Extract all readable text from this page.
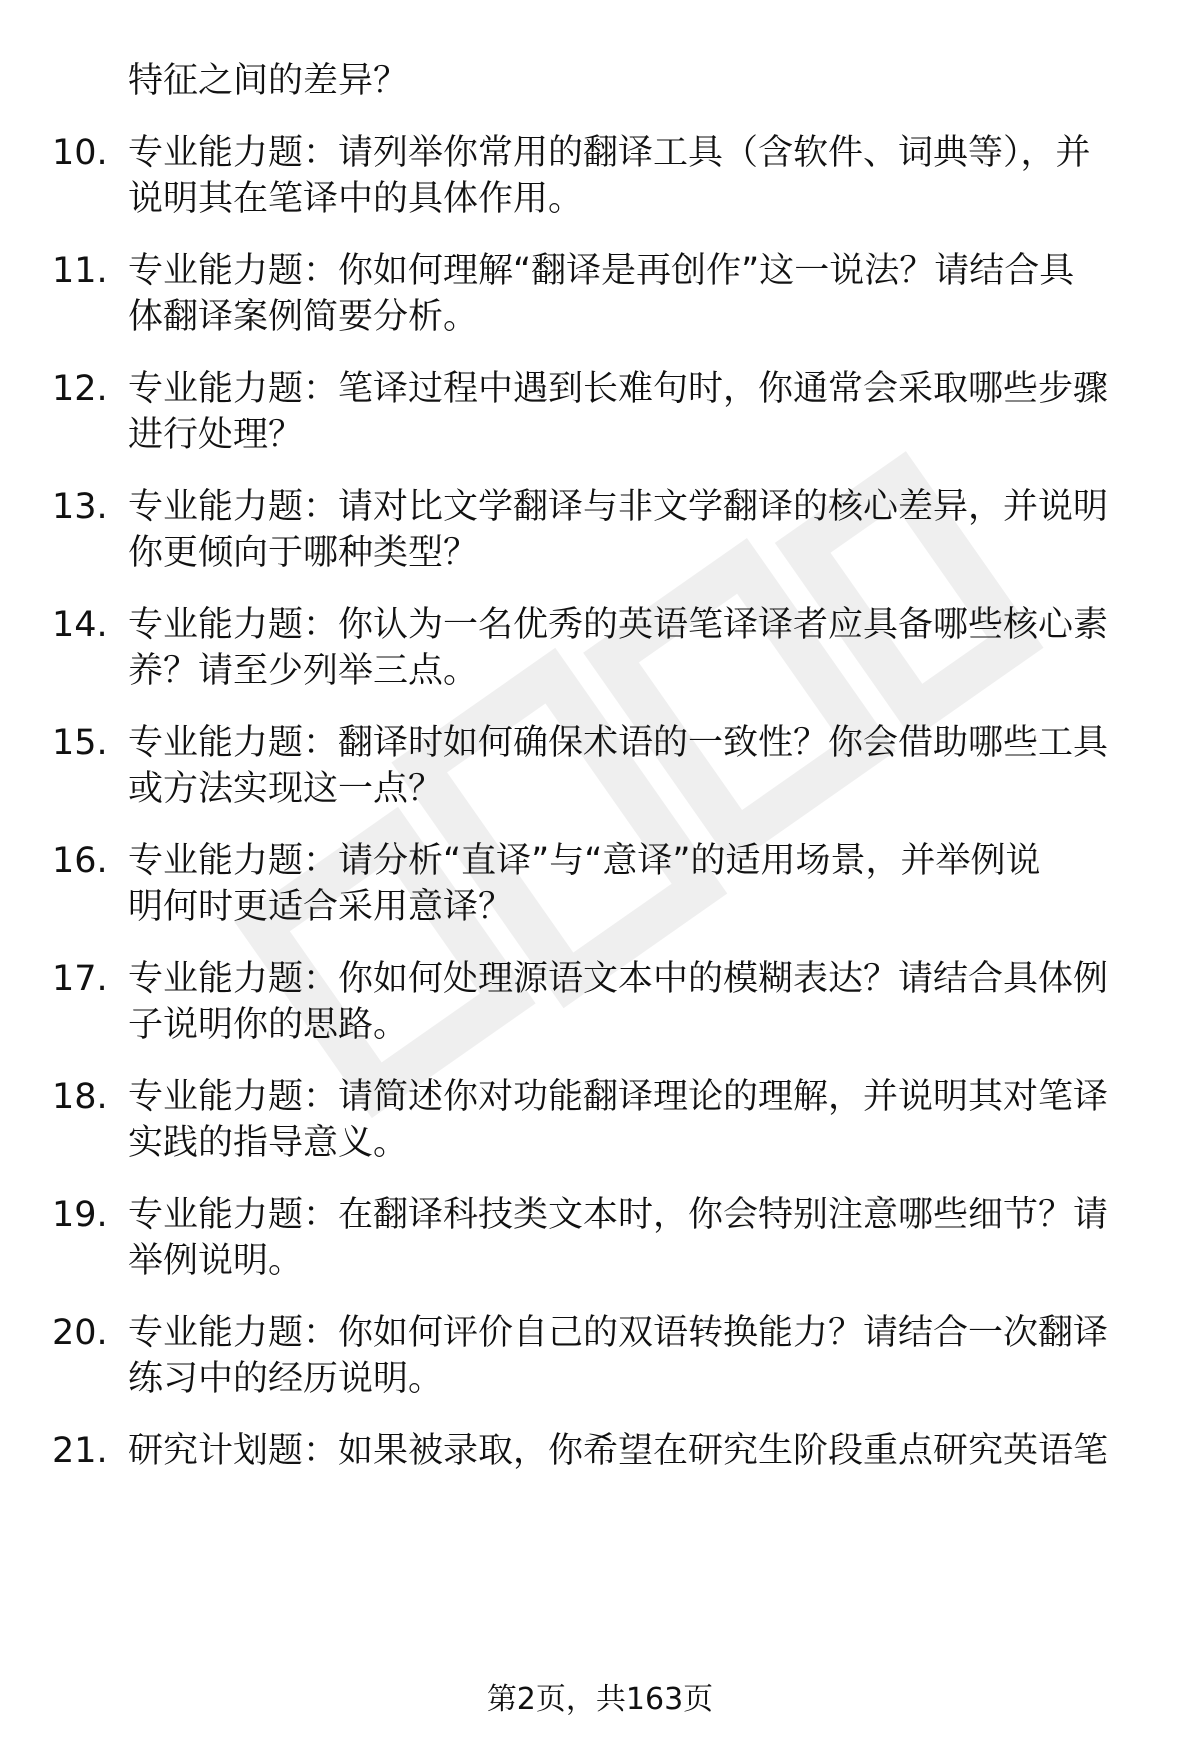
特征之间的差异？
10. 专业能力题：请列举你常用的翻译工具（含软件、词典等），并
说明其在笔译中的具体作用。
11. 专业能力题：你如何理解“翻译是再创作”这一说法？请结合具
体翻译案例简要分析。
12. 专业能力题：笔译过程中遇到长难句时，你通常会采取哪些步骤
进行处理？
13. 专业能力题：请对比文学翻译与非文学翻译的核心差异，并说明
你更倾向于哪种类型？
14. 专业能力题：你认为一名优秀的英语笔译译者应具备哪些核心素
养？请至少列举三点。
15. 专业能力题：翻译时如何确保术语的一致性？你会借助哪些工具
或方法实现这一点？
16. 专业能力题：请分析“直译”与“意译”的适用场景，并举例说
明何时更适合采用意译？
17. 专业能力题：你如何处理源语文本中的模糊表达？请结合具体例
子说明你的思路。
18. 专业能力题：请简述你对功能翻译理论的理解，并说明其对笔译
实践的指导意义。
19. 专业能力题：在翻译科技类文本时，你会特别注意哪些细节？请
举例说明。
20. 专业能力题：你如何评价自己的双语转换能力？请结合一次翻译
练习中的经历说明。
21. 研究计划题：如果被录取，你希望在研究生阶段重点研究英语笔
第2页，共163页
